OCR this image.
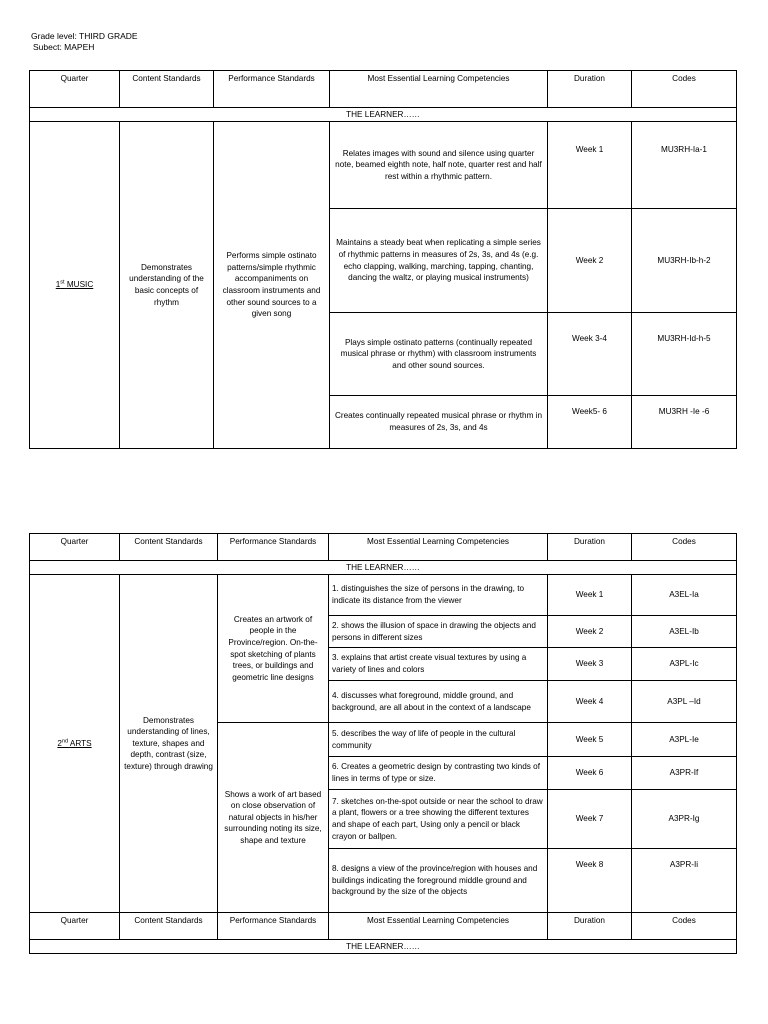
Grade level: THIRD GRADE
Subect: MAPEH
Quarter	Content Standards	Performance Standards	Most Essential Learning Competencies	Duration	Codes
THE LEARNER……					
1st MUSIC	Demonstrates understanding of the basic concepts of rhythm	Performs simple ostinato patterns/simple rhythmic accompaniments on classroom instruments and other sound sources to a given song	Relates images with sound and silence using quarter note, beamed eighth note, half note, quarter rest and half rest within a rhythmic pattern.	Week 1	MU3RH-Ia-1
			Maintains a steady beat when replicating a simple series of rhythmic patterns in measures of 2s, 3s, and 4s (e.g. echo clapping, walking, marching, tapping, chanting, dancing the waltz, or playing musical instruments)	Week 2	MU3RH-Ib-h-2
			Plays simple ostinato patterns (continually repeated musical phrase or rhythm) with classroom instruments and other sound sources.	Week 3-4	MU3RH-Id-h-5
			Creates continually repeated musical phrase or rhythm in measures of 2s, 3s, and 4s	Week5- 6	MU3RH -Ie -6
Quarter	Content Standards	Performance Standards	Most Essential Learning Competencies	Duration	Codes
THE LEARNER……					
2nd ARTS	Demonstrates understanding of lines, texture, shapes and depth, contrast (size, texture) through drawing	Creates an artwork of people in the Province/region. On-the-spot sketching of plants trees, or buildings and geometric line designs	1. distinguishes the size of persons in the drawing, to indicate its distance from the viewer	Week 1	A3EL-Ia
			2. shows the illusion of space in drawing the objects and persons in different sizes	Week 2	A3EL-Ib
			3. explains that artist create visual textures by using a variety of lines and colors	Week 3	A3PL-Ic
			4. discusses what foreground, middle ground, and background, are all about in the context of a landscape	Week 4	A3PL –Id
		Shows a work of art based on close observation of natural objects in his/her surrounding noting its size, shape and texture	5. describes the way of life of people in the cultural community	Week 5	A3PL-Ie
			6. Creates a geometric design by contrasting two kinds of lines in terms of type or size.	Week 6	A3PR-If
			7. sketches on-the-spot outside or near the school to draw a plant, flowers or a tree showing the different textures and shape of each part, Using only a pencil or black crayon or ballpen.	Week 7	A3PR-Ig
			8. designs a view of the province/region with houses and buildings indicating the foreground middle ground and background by the size of the objects	Week 8	A3PR-Ii
Quarter	Content Standards	Performance Standards	Most Essential Learning Competencies	Duration	Codes
THE LEARNER……					
